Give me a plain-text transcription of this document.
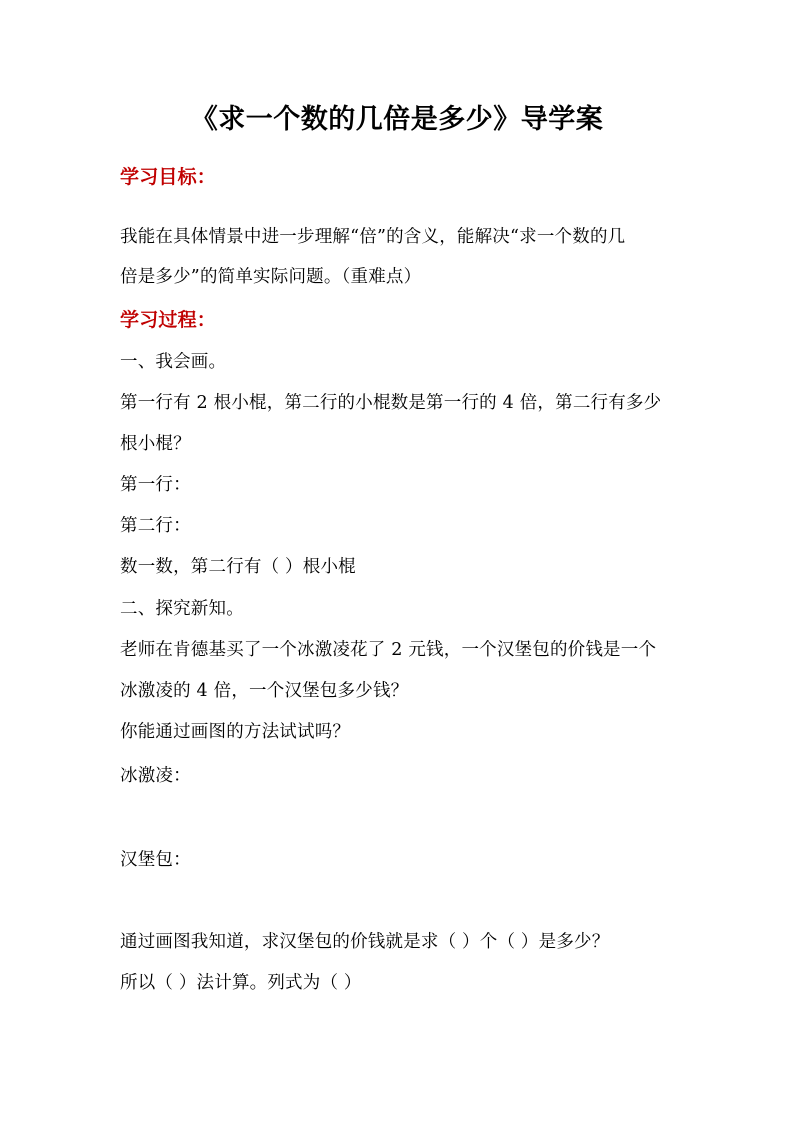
《求一个数的几倍是多少》导学案
学习目标：
我能在具体情景中进一步理解“倍”的含义，能解决“求一个数的几
倍是多少”的简单实际问题。（重难点）
学习过程：
一、我会画。
第一行有 2 根小棍，第二行的小棍数是第一行的 4 倍，第二行有多少
根小棍？
第一行：
第二行：
数一数，第二行有（ ）根小棍
二、探究新知。
老师在肯德基买了一个冰激凌花了 2 元钱，一个汉堡包的价钱是一个
冰激凌的 4 倍，一个汉堡包多少钱？
你能通过画图的方法试试吗？
冰激凌：
汉堡包：
通过画图我知道，求汉堡包的价钱就是求（ ）个（ ）是多少？
所以（ ）法计算。列式为（ ）
